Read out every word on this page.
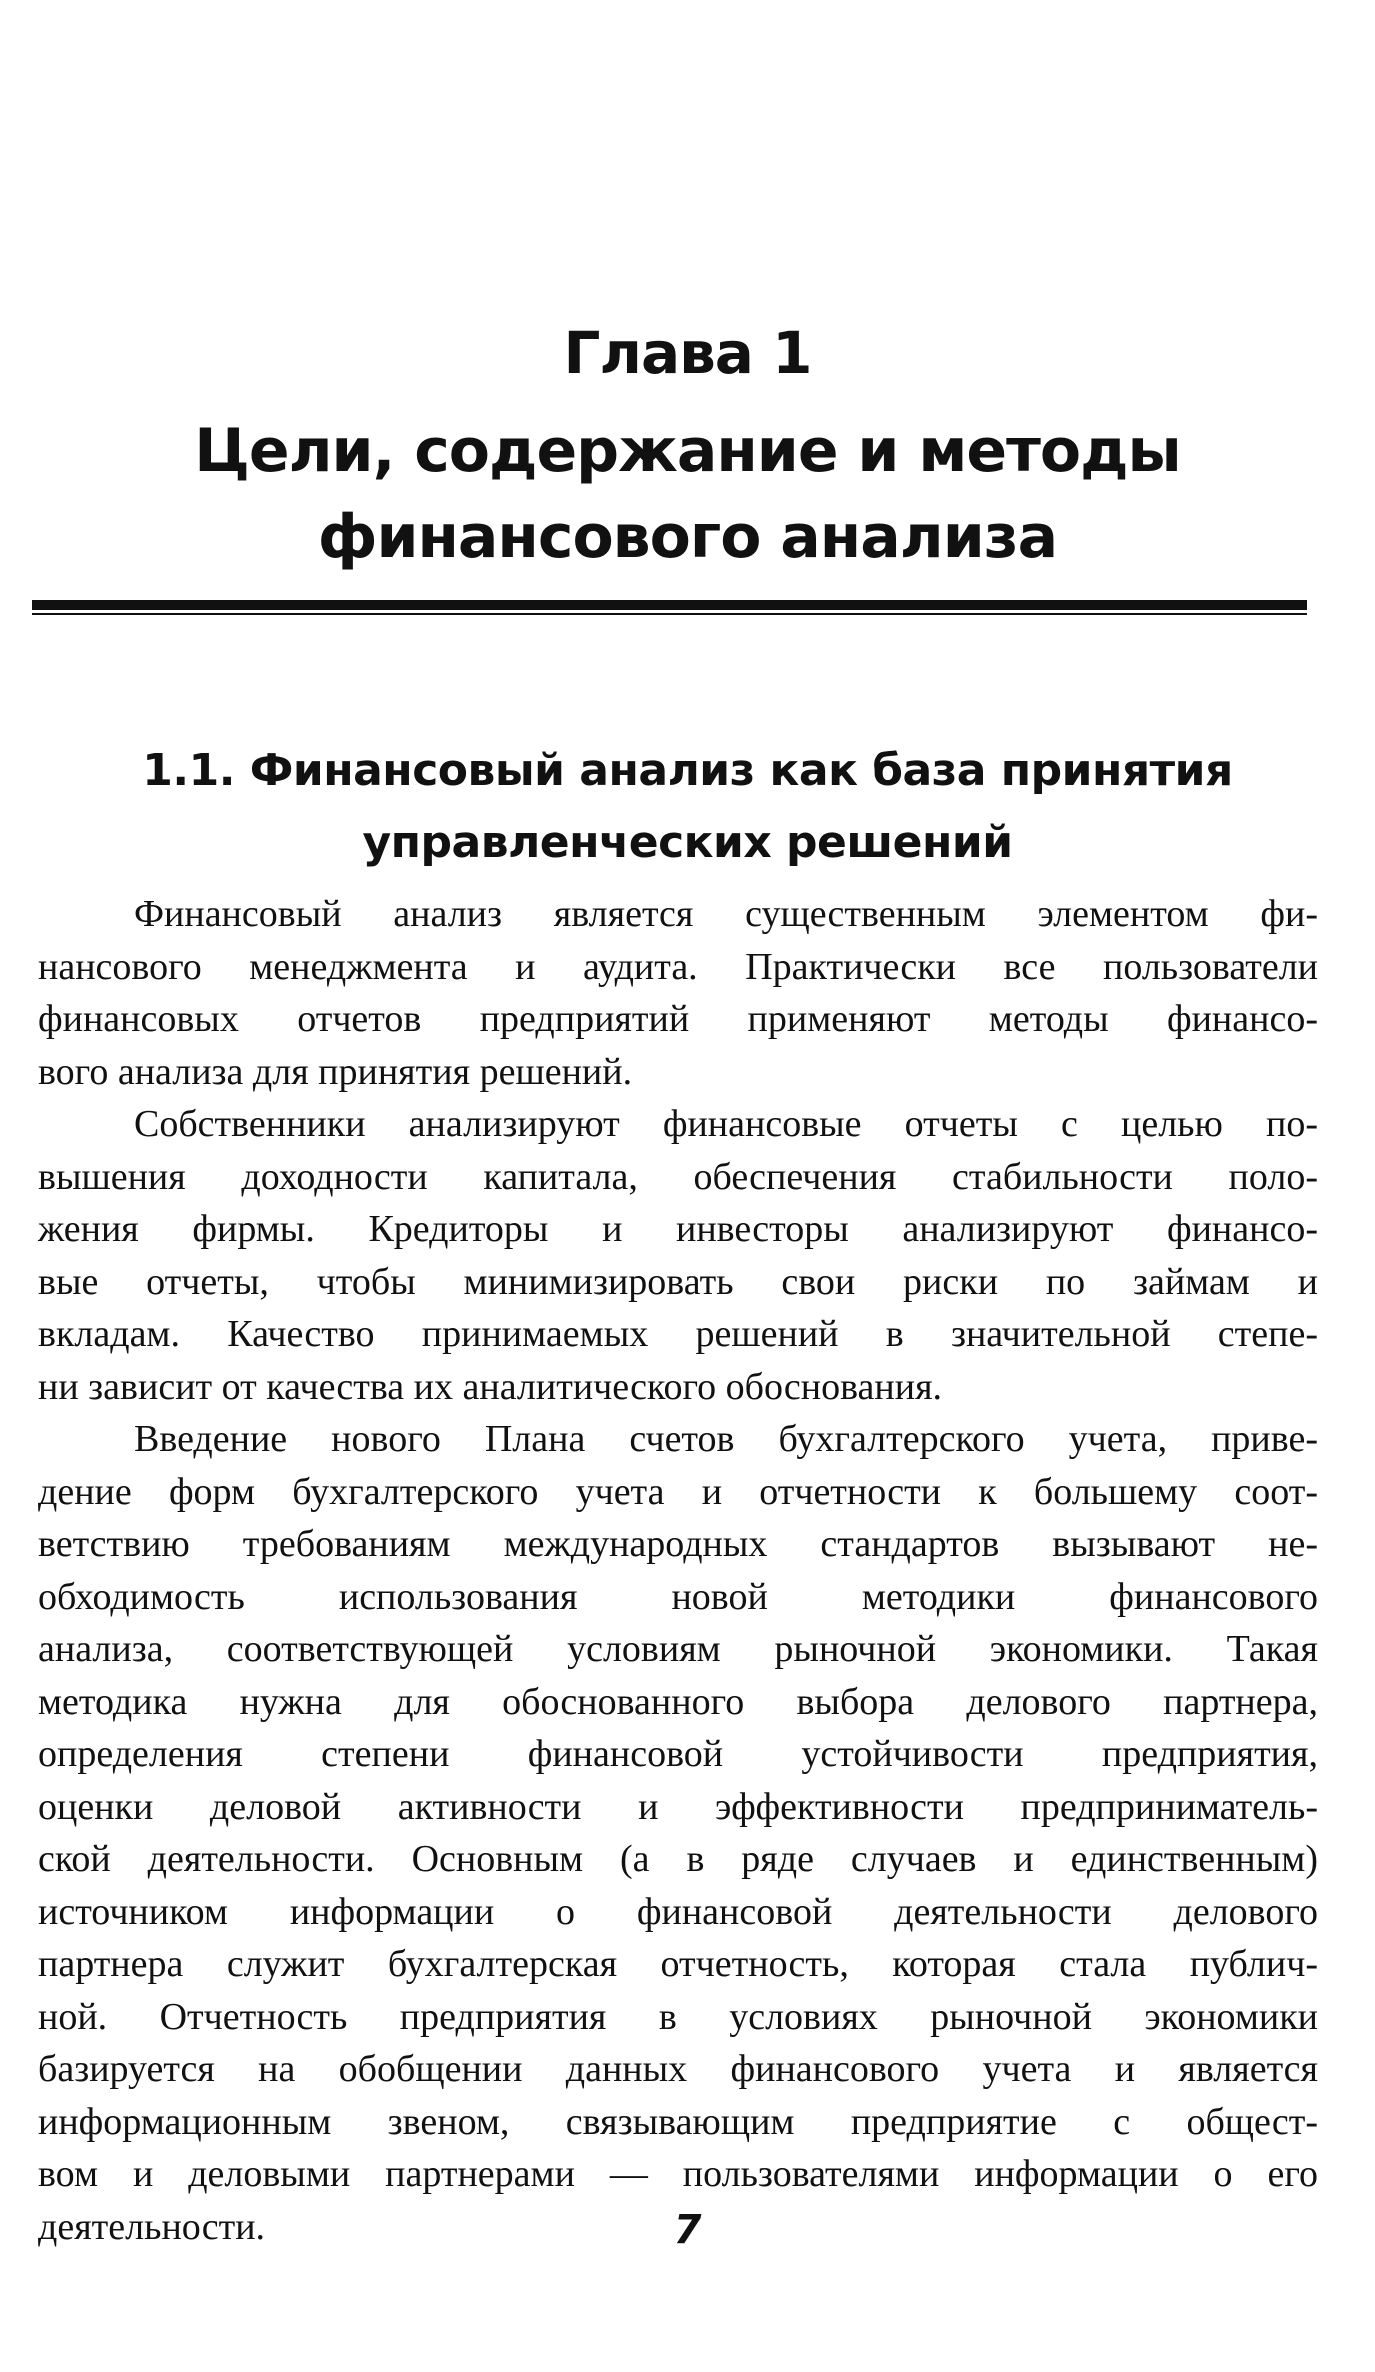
Глава 1
Цели, содержание и методы
финансового анализа
1.1. Финансовый анализ как база принятия
управленческих решений
Финансовый анализ является существенным элементом фи-
нансового менеджмента и аудита. Практически все пользователи
финансовых отчетов предприятий применяют методы финансо-
вого анализа для принятия решений.
Собственники анализируют финансовые отчеты с целью по-
вышения доходности капитала, обеспечения стабильности поло-
жения фирмы. Кредиторы и инвесторы анализируют финансо-
вые отчеты, чтобы минимизировать свои риски по займам и
вкладам. Качество принимаемых решений в значительной степе-
ни зависит от качества их аналитического обоснования.
Введение нового Плана счетов бухгалтерского учета, приве-
дение форм бухгалтерского учета и отчетности к большему соот-
ветствию требованиям международных стандартов вызывают не-
обходимость использования новой методики финансового
анализа, соответствующей условиям рыночной экономики. Такая
методика нужна для обоснованного выбора делового партнера,
определения степени финансовой устойчивости предприятия,
оценки деловой активности и эффективности предприниматель-
ской деятельности. Основным (а в ряде случаев и единственным)
источником информации о финансовой деятельности делового
партнера служит бухгалтерская отчетность, которая стала публич-
ной. Отчетность предприятия в условиях рыночной экономики
базируется на обобщении данных финансового учета и является
информационным звеном, связывающим предприятие с общест-
вом и деловыми партнерами — пользователями информации о его
деятельности.	7
